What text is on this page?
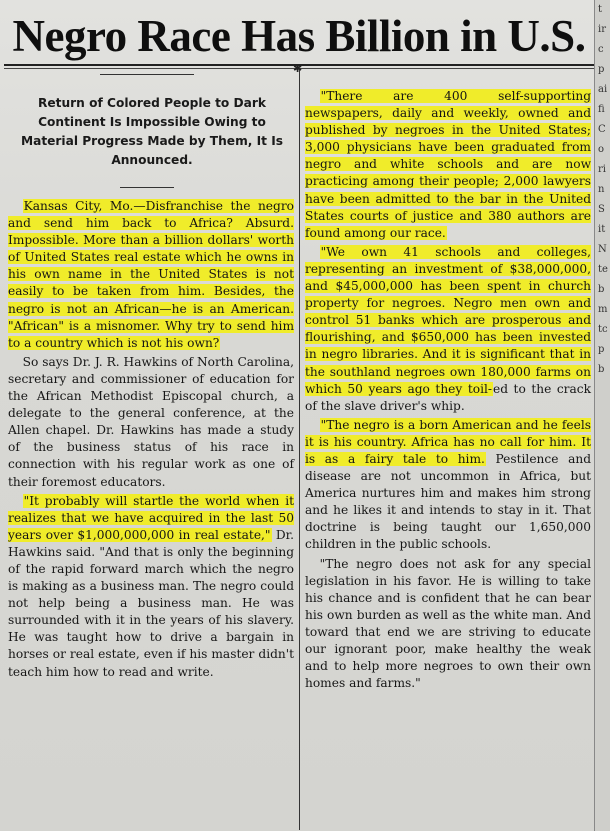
Negro Race Has Billion in U.S.
✱
Return of Colored People to Dark Continent Is Impossible Owing to Material Progress Made by Them, It Is Announced.

Kansas City, Mo.—Disfranchise the negro and send him back to Africa? Absurd. Impossible. More than a billion dollars' worth of United States real estate which he owns in his own name in the United States is not easily to be taken from him. Besides, the negro is not an African—he is an American. "African" is a misnomer. Why try to send him to a country which is not his own?

So says Dr. J. R. Hawkins of North Carolina, secretary and commissioner of education for the African Methodist Episcopal church, a delegate to the general conference, at the Allen chapel. Dr. Hawkins has made a study of the business status of his race in connection with his regular work as one of their foremost educators.

"It probably will startle the world when it realizes that we have acquired in the last 50 years over $1,000,000,000 in real estate," Dr. Hawkins said. "And that is only the beginning of the rapid forward march which the negro is making as a business man. The negro could not help being a business man. He was surrounded with it in the years of his slavery. He was taught how to drive a bargain in horses or real estate, even if his master didn't teach him how to read and write.

"There are 400 self-supporting newspapers, daily and weekly, owned and published by negroes in the United States; 3,000 physicians have been graduated from negro and white schools and are now practicing among their people; 2,000 lawyers have been admitted to the bar in the United States courts of justice and 380 authors are found among our race.

"We own 41 schools and colleges, representing an investment of $38,000,000, and $45,000,000 has been spent in church property for negroes. Negro men own and control 51 banks which are prosperous and flourishing, and $650,000 has been invested in negro libraries. And it is significant that in the southland negroes own 180,000 farms on which 50 years ago they toil-ed to the crack of the slave driver's whip.

"The negro is a born American and he feels it is his country. Africa has no call for him. It is as a fairy tale to him. Pestilence and disease are not uncommon in Africa, but America nurtures him and makes him strong and he likes it and intends to stay in it. That doctrine is being taught our 1,650,000 children in the public schools.

"The negro does not ask for any special legislation in his favor. He is willing to take his chance and is confident that he can bear his own burden as well as the white man. And toward that end we are striving to educate our ignorant poor, make healthy the weak and to help more negroes to own their own homes and farms."

t
ir
c
p
ai
fi
C
o
ri
n
S
it
N
te
b
m
tc
p
b
